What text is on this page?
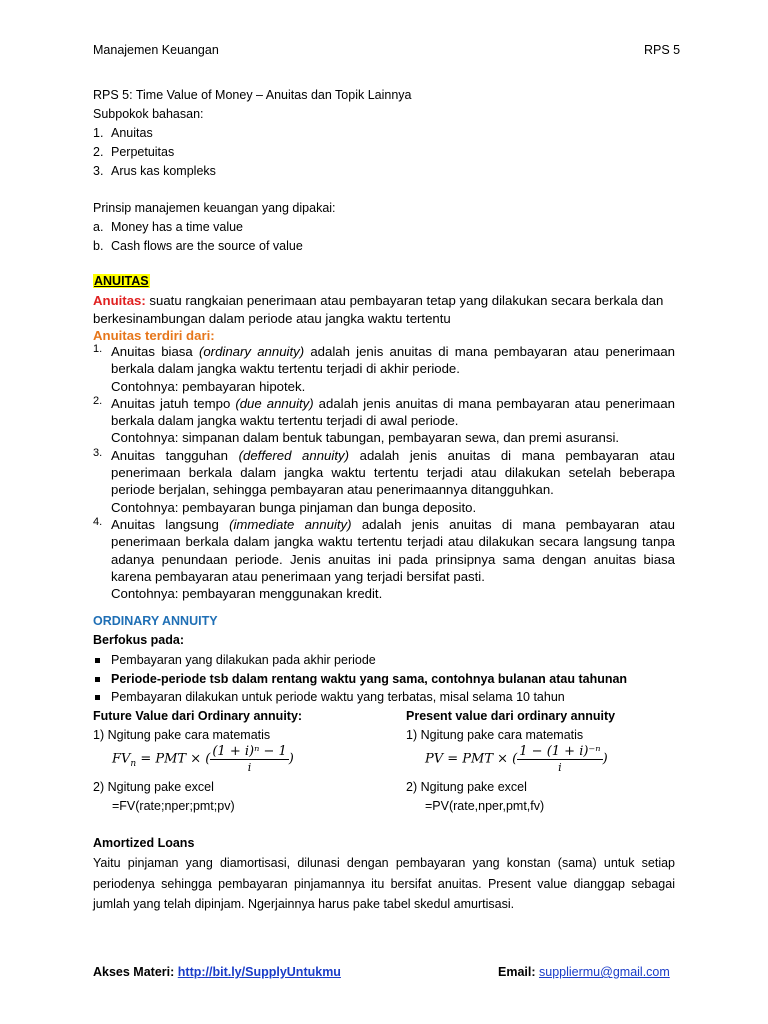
Manajemen Keuangan	RPS 5
RPS 5: Time Value of Money – Anuitas dan Topik Lainnya
Subpokok bahasan:
1. Anuitas
2. Perpetuitas
3. Arus kas kompleks
Prinsip manajemen keuangan yang dipakai:
a. Money has a time value
b. Cash flows are the source of value
ANUITAS
Anuitas: suatu rangkaian penerimaan atau pembayaran tetap yang dilakukan secara berkala dan
berkesinambungan dalam periode atau jangka waktu tertentu
Anuitas terdiri dari:
1. Anuitas biasa (ordinary annuity) adalah jenis anuitas di mana pembayaran atau penerimaan berkala dalam jangka waktu tertentu terjadi di akhir periode.

Contohnya: pembayaran hipotek.

2. Anuitas jatuh tempo (due annuity) adalah jenis anuitas di mana pembayaran atau penerimaan berkala dalam jangka waktu tertentu terjadi di awal periode.

Contohnya: simpanan dalam bentuk tabungan, pembayaran sewa, dan premi asuransi.

3. Anuitas tangguhan (deffered annuity) adalah jenis anuitas di mana pembayaran atau penerimaan berkala dalam jangka waktu tertentu terjadi atau dilakukan setelah beberapa periode berjalan, sehingga pembayaran atau penerimaannya ditangguhkan.

Contohnya: pembayaran bunga pinjaman dan bunga deposito.

4. Anuitas langsung (immediate annuity) adalah jenis anuitas di mana pembayaran atau penerimaan berkala dalam jangka waktu tertentu terjadi atau dilakukan secara langsung tanpa adanya penundaan periode. Jenis anuitas ini pada prinsipnya sama dengan anuitas biasa karena pembayaran atau penerimaan yang terjadi bersifat pasti.

Contohnya: pembayaran menggunakan kredit.

ORDINARY ANNUITY
Berfokus pada:
Pembayaran yang dilakukan pada akhir periode
Periode-periode tsb dalam rentang waktu yang sama, contohnya bulanan atau tahunan
Pembayaran dilakukan untuk periode waktu yang terbatas, misal selama 10 tahun
Future Value dari Ordinary annuity:
1) Ngitung pake cara matematis
$FV_n$ = PMT × ( $\frac{\text{(1 + i)ⁿ − 1}}{i}$ )
2) Ngitung pake excel
=FV(rate;nper;pmt;pv)
Present value dari ordinary annuity
1) Ngitung pake cara matematis
PV = PMT × ( $\frac{\text{1 − (1 + i)⁻ⁿ}}{i}$ )
2) Ngitung pake excel
=PV(rate,nper,pmt,fv)
Amortized Loans

Yaitu pinjaman yang diamortisasi, dilunasi dengan pembayaran yang konstan (sama) untuk setiap periodenya sehingga pembayaran pinjamannya itu bersifat anuitas. Present value dianggap sebagai jumlah yang telah dipinjam. Ngerjainnya harus pake tabel skedul amurtisasi.

Akses Materi: http://bit.ly/SupplyUntukmu	Email: suppliermu@gmail.com
